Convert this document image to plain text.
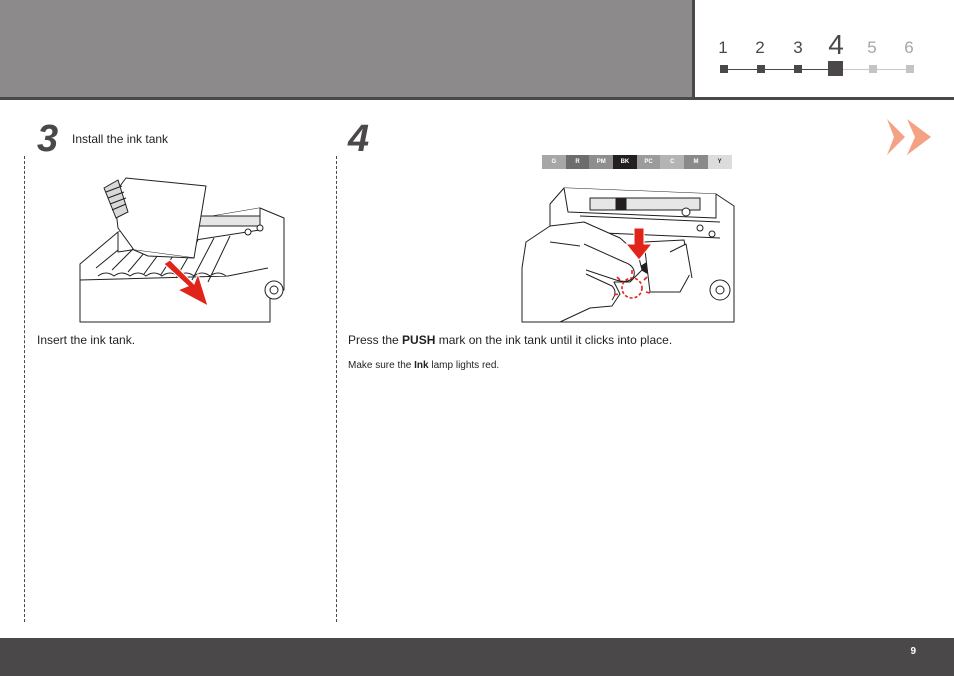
1	2	3 4	5	6
3 Install the ink tank
Insert the ink tank.
4
G	R	PM	BK	PC	C	M	Y
Press the PUSH mark on the ink tank until it clicks into place.
Make sure the Ink lamp lights red.
9
